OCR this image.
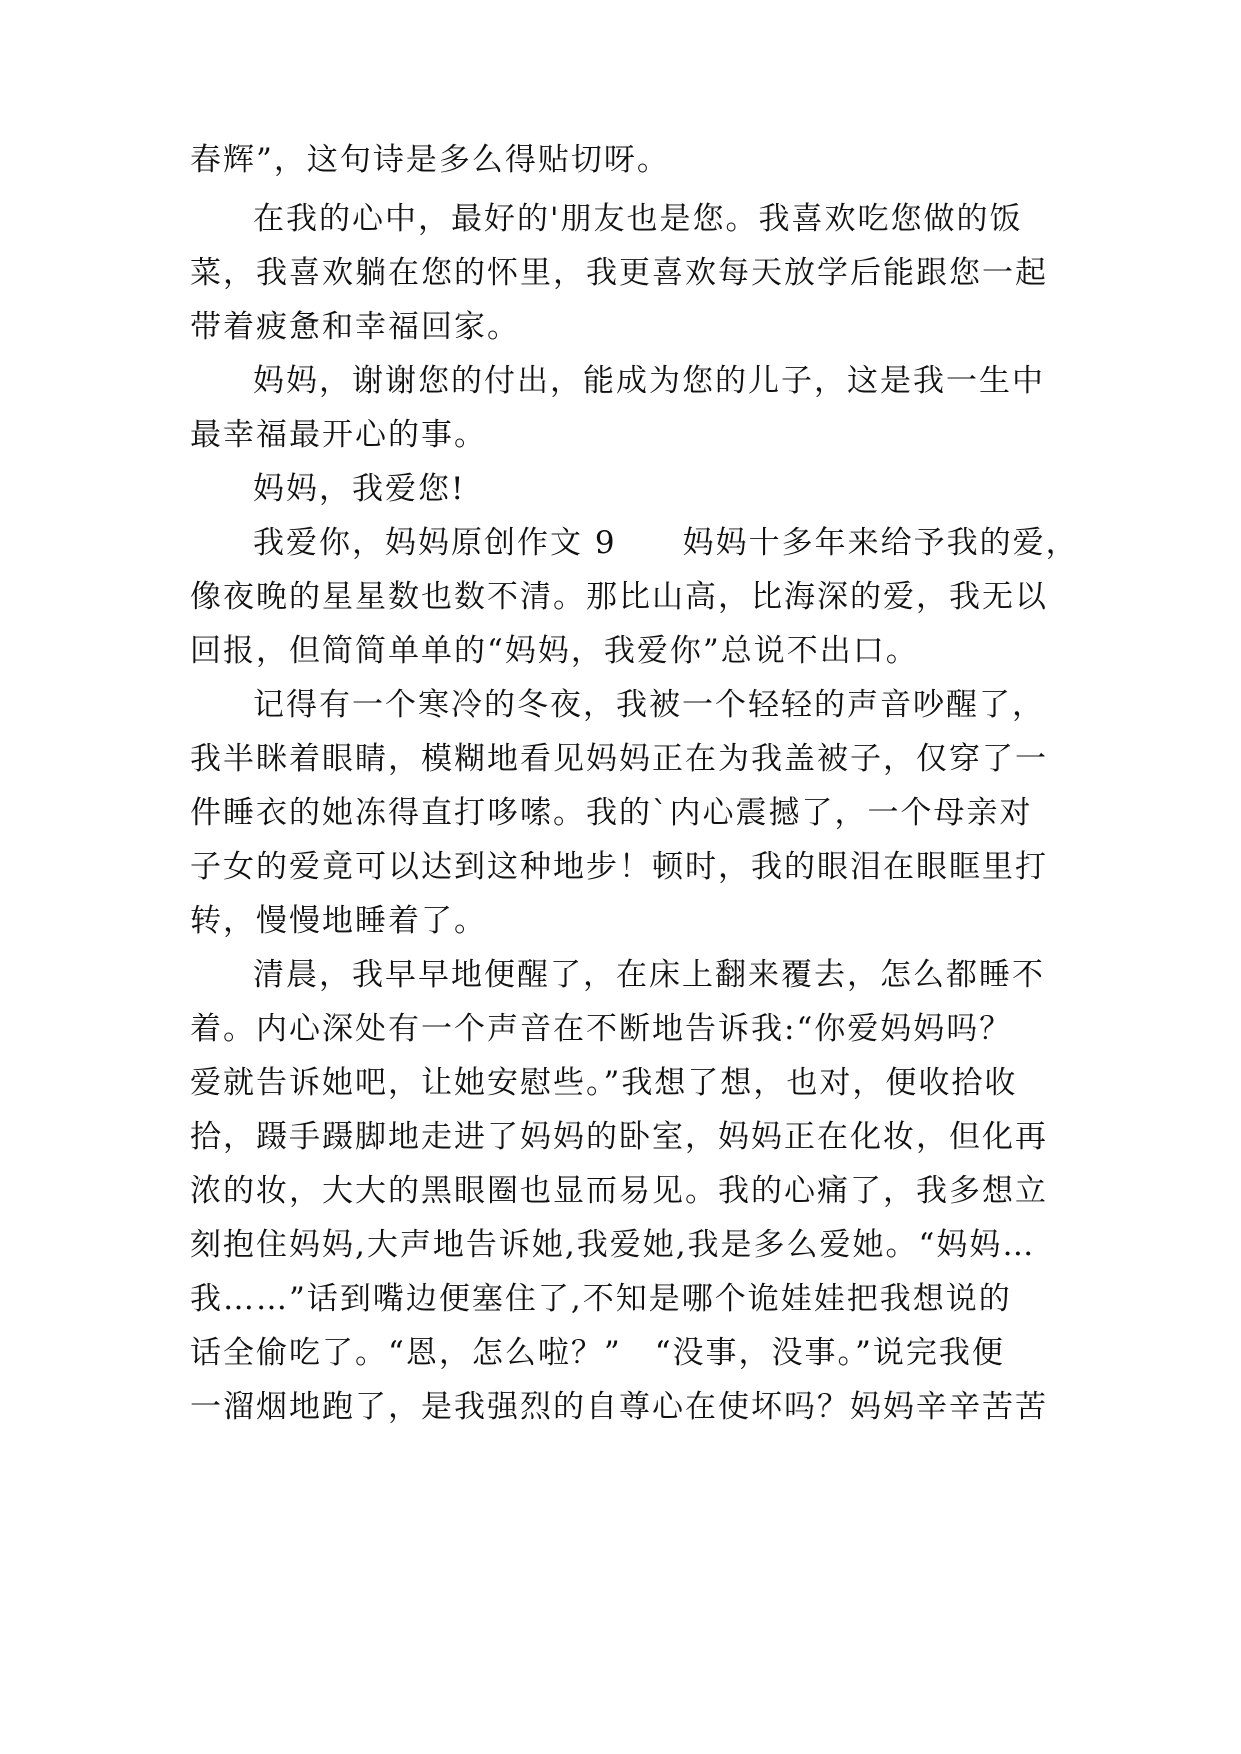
春辉”，这句诗是多么得贴切呀。
在我的心中，最好的'朋友也是您。我喜欢吃您做的饭
菜，我喜欢躺在您的怀里，我更喜欢每天放学后能跟您一起
带着疲惫和幸福回家。
妈妈，谢谢您的付出，能成为您的儿子，这是我一生中
最幸福最开心的事。
妈妈，我爱您!
我爱你，妈妈原创作文 9　　妈妈十多年来给予我的爱，
像夜晚的星星数也数不清。那比山高，比海深的爱，我无以
回报，但简简单单的“妈妈，我爱你”总说不出口。
记得有一个寒冷的冬夜，我被一个轻轻的声音吵醒了，
我半眯着眼睛，模糊地看见妈妈正在为我盖被子，仅穿了一
件睡衣的她冻得直打哆嗦。我的`内心震撼了，一个母亲对
子女的爱竟可以达到这种地步！顿时，我的眼泪在眼眶里打
转，慢慢地睡着了。
清晨，我早早地便醒了，在床上翻来覆去，怎么都睡不
着。内心深处有一个声音在不断地告诉我:“你爱妈妈吗？
爱就告诉她吧，让她安慰些。”我想了想，也对，便收拾收
拾，蹑手蹑脚地走进了妈妈的卧室，妈妈正在化妆，但化再
浓的妆，大大的黑眼圈也显而易见。我的心痛了，我多想立
刻抱住妈妈,大声地告诉她,我爱她,我是多么爱她。“妈妈…
我……”话到嘴边便塞住了,不知是哪个诡娃娃把我想说的
话全偷吃了。“恩，怎么啦？”　“没事，没事。”说完我便
一溜烟地跑了，是我强烈的自尊心在使坏吗？妈妈辛辛苦苦
